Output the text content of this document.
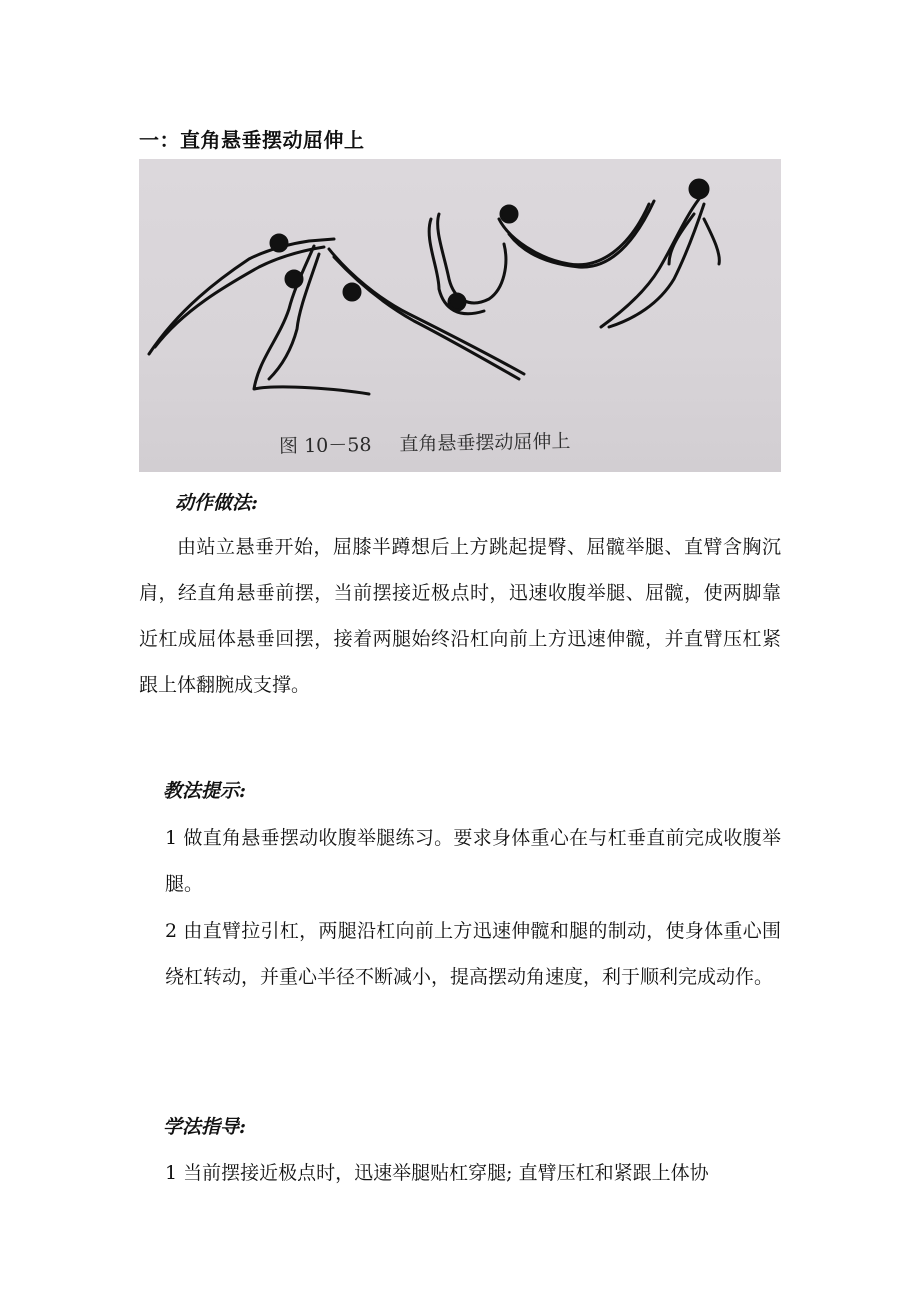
一：直角悬垂摆动屈伸上
图 10－58 直角悬垂摆动屈伸上
动作做法:
由站立悬垂开始，屈膝半蹲想后上方跳起提臀、屈髋举腿、直臂含胸沉肩，经直角悬垂前摆，当前摆接近极点时，迅速收腹举腿、屈髋，使两脚靠近杠成屈体悬垂回摆，接着两腿始终沿杠向前上方迅速伸髋，并直臂压杠紧跟上体翻腕成支撑。
教法提示:
1 做直角悬垂摆动收腹举腿练习。要求身体重心在与杠垂直前完成收腹举腿。
2 由直臂拉引杠，两腿沿杠向前上方迅速伸髋和腿的制动，使身体重心围绕杠转动，并重心半径不断减小，提高摆动角速度，利于顺利完成动作。
学法指导:
1 当前摆接近极点时，迅速举腿贴杠穿腿; 直臂压杠和紧跟上体协
